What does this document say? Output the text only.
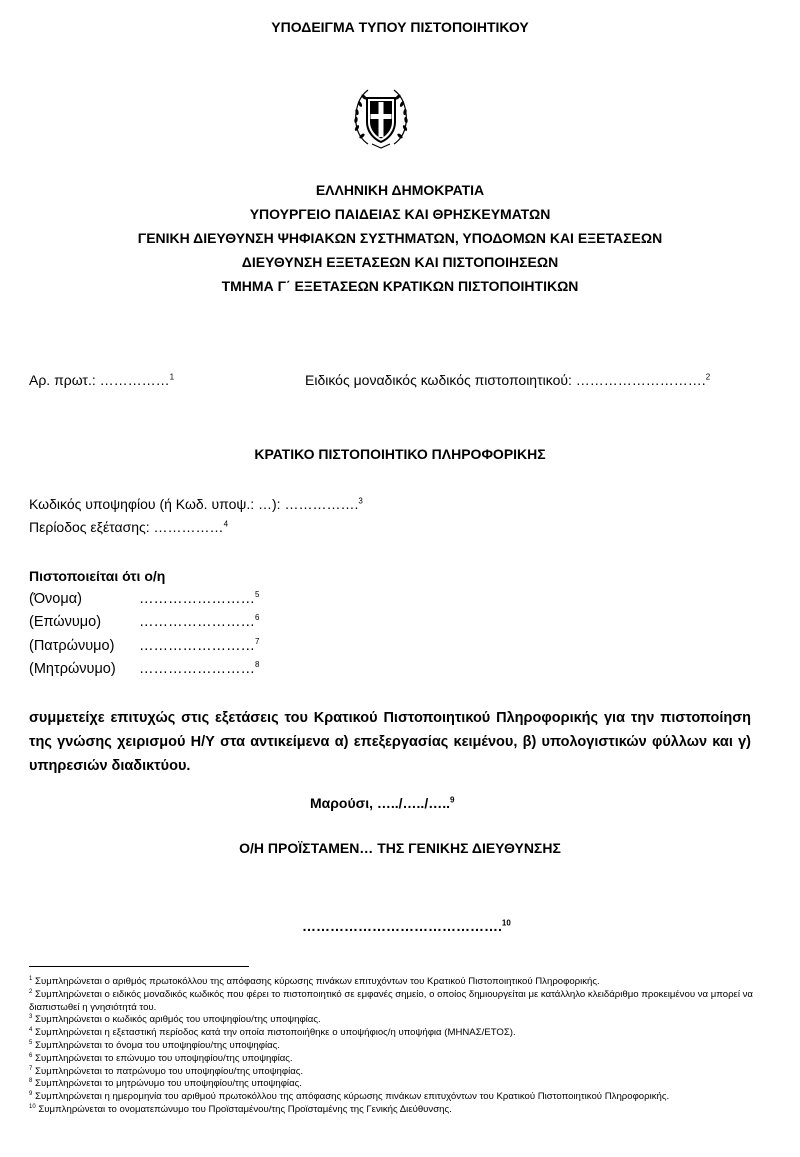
ΥΠΟΔΕΙΓΜΑ ΤΥΠΟΥ ΠΙΣΤΟΠΟΙΗΤΙΚΟΥ
ΕΛΛΗΝΙΚΗ ΔΗΜΟΚΡΑΤΙΑ
ΥΠΟΥΡΓΕΙΟ ΠΑΙΔΕΙΑΣ ΚΑΙ ΘΡΗΣΚΕΥΜΑΤΩΝ
ΓΕΝΙΚΗ ΔΙΕΥΘΥΝΣΗ ΨΗΦΙΑΚΩΝ ΣΥΣΤΗΜΑΤΩΝ, ΥΠΟΔΟΜΩΝ ΚΑΙ ΕΞΕΤΑΣΕΩΝ
ΔΙΕΥΘΥΝΣΗ ΕΞΕΤΑΣΕΩΝ ΚΑΙ ΠΙΣΤΟΠΟΙΗΣΕΩΝ
ΤΜΗΜΑ Γ΄ ΕΞΕΤΑΣΕΩΝ ΚΡΑΤΙΚΩΝ ΠΙΣΤΟΠΟΙΗΤΙΚΩΝ
Αρ. πρωτ.: ……………$^1$	Ειδικός μοναδικός κωδικός πιστοποιητικού: ……………………….$^2$
ΚΡΑΤΙΚΟ ΠΙΣΤΟΠΟΙΗΤΙΚΟ ΠΛΗΡΟΦΟΡΙΚΗΣ
Κωδικός υποψηφίου (ή Κωδ. υποψ.: …): …………….$^3$
Περίοδος εξέτασης: ……………$^4$
Πιστοποιείται ότι ο/η
(Όνομα)	……………………$^5$
(Επώνυμο)	……………………$^6$
(Πατρώνυμο) ……………………$^7$
(Μητρώνυμο) ……………………$^8$
συμμετείχε επιτυχώς στις εξετάσεις του Κρατικού Πιστοποιητικού Πληροφορικής για την πιστοποίηση της γνώσης χειρισμού Η/Υ στα αντικείμενα α) επεξεργασίας κειμένου, β) υπολογιστικών φύλλων και γ) υπηρεσιών διαδικτύου.
Μαρούσι, …../…../…..$^9$
Ο/Η ΠΡΟΪΣΤΑΜΕΝ… ΤΗΣ ΓΕΝΙΚΗΣ ΔΙΕΥΘΥΝΣΗΣ
…………………………………….$^{10}$

$^1$ Συμπληρώνεται ο αριθμός πρωτοκόλλου της απόφασης κύρωσης πινάκων επιτυχόντων του Κρατικού Πιστοποιητικού Πληροφορικής.

$^2$ Συμπληρώνεται ο ειδικός μοναδικός κωδικός που φέρει το πιστοποιητικό σε εμφανές σημείο, ο οποίος δημιουργείται με κατάλληλο κλειδάριθμο προκειμένου να μπορεί να διαπιστωθεί η γνησιότητά του.

$^3$ Συμπληρώνεται ο κωδικός αριθμός του υποψηφίου/της υποψηφίας.

$^4$ Συμπληρώνεται η εξεταστική περίοδος κατά την οποία πιστοποιήθηκε ο υποψήφιος/η υποψήφια (ΜΗΝΑΣ/ΕΤΟΣ).

$^5$ Συμπληρώνεται το όνομα του υποψηφίου/της υποψηφίας.

$^6$ Συμπληρώνεται το επώνυμο του υποψηφίου/της υποψηφίας.

$^7$ Συμπληρώνεται το πατρώνυμο του υποψηφίου/της υποψηφίας.

$^8$ Συμπληρώνεται το μητρώνυμο του υποψηφίου/της υποψηφίας.

$^9$ Συμπληρώνεται η ημερομηνία του αριθμού πρωτοκόλλου της απόφασης κύρωσης πινάκων επιτυχόντων του Κρατικού Πιστοποιητικού Πληροφορικής.

$^{10}$ Συμπληρώνεται το ονοματεπώνυμο του Προϊσταμένου/της Προϊσταμένης της Γενικής Διεύθυνσης.
